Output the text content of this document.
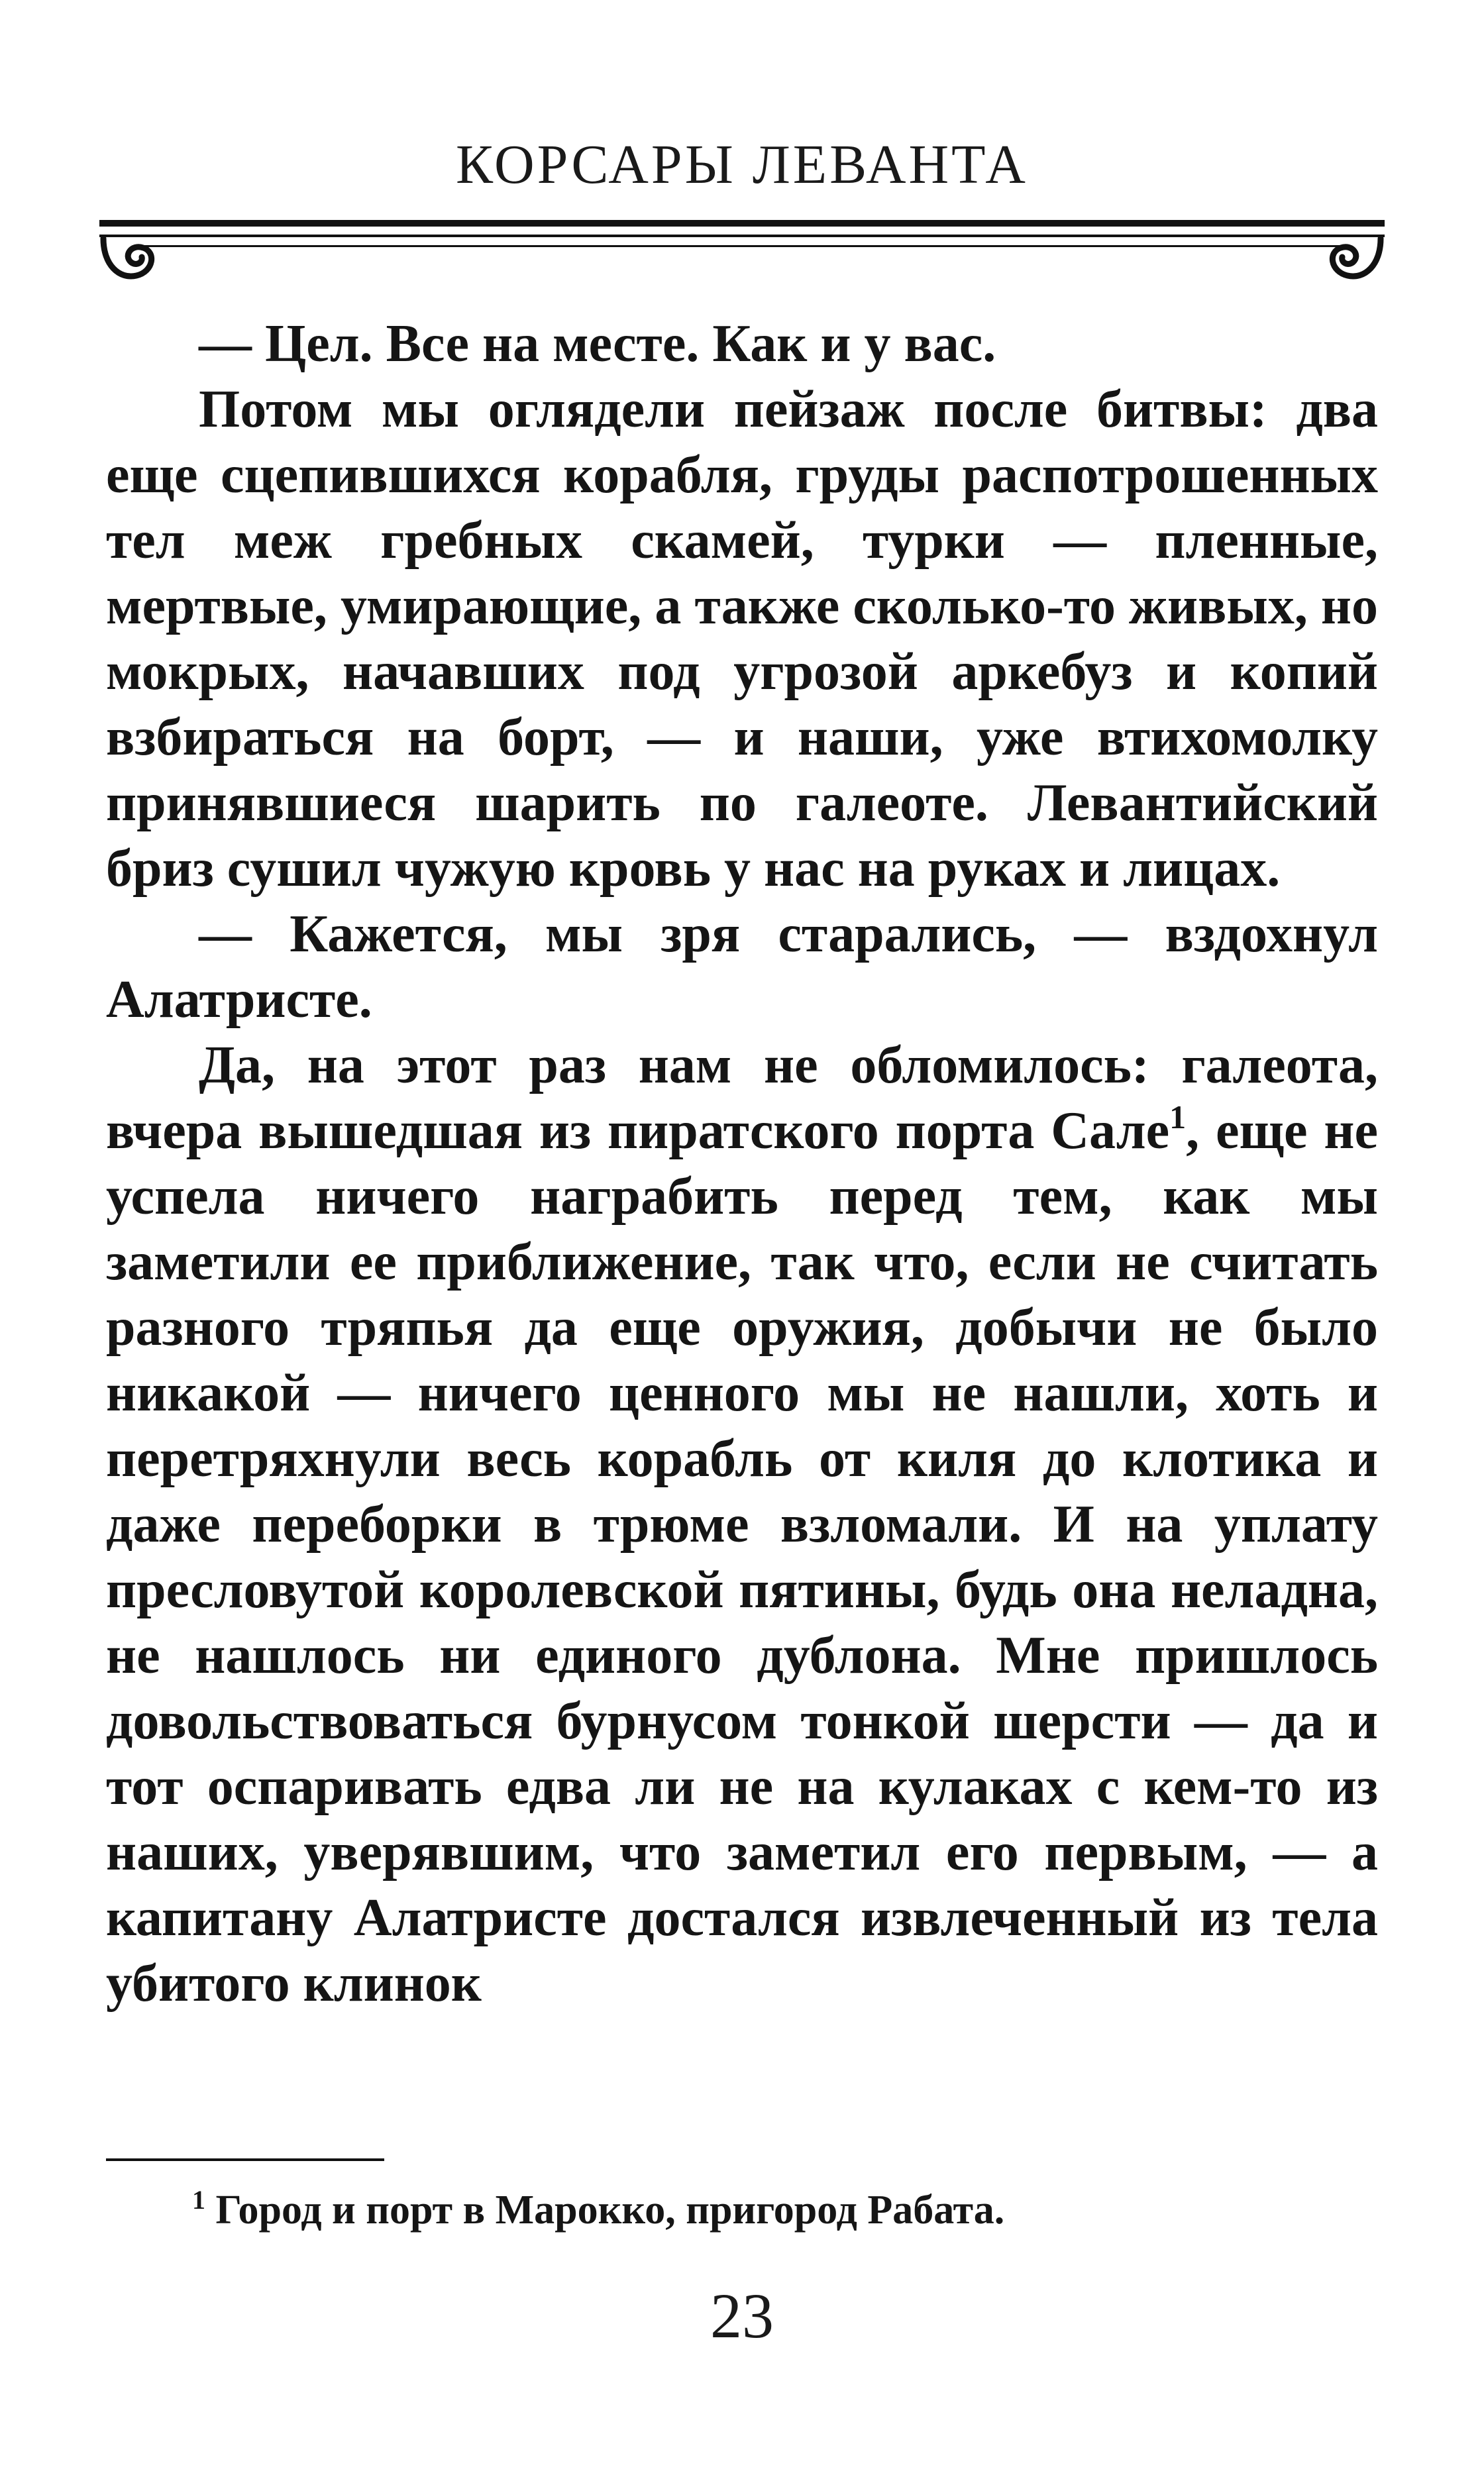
КОРСАРЫ ЛЕВАНТА

— Цел. Все на месте. Как и у вас.

Потом мы оглядели пейзаж после битвы: два еще сцепившихся корабля, груды распотрошенных тел меж гребных скамей, турки — пленные, мертвые, умирающие, а также сколько-то живых, но мокрых, начавших под угрозой аркебуз и копий взбираться на борт, — и наши, уже втихомолку принявшиеся шарить по галеоте. Левантийский бриз сушил чужую кровь у нас на руках и лицах.

— Кажется, мы зря старались, — вздохнул Алатристе.

Да, на этот раз нам не обломилось: галеота, вчера вышедшая из пиратского порта Сале$^1$, еще не успела ничего награбить перед тем, как мы заметили ее приближение, так что, если не считать разного тряпья да еще оружия, добычи не было никакой — ничего ценного мы не нашли, хоть и перетряхнули весь корабль от киля до клотика и даже переборки в трюме взломали. И на уплату пресловутой королевской пятины, будь она неладна, не нашлось ни единого дублона. Мне пришлось довольствоваться бурнусом тонкой шерсти — да и тот оспаривать едва ли не на кулаках с кем-то из наших, уверявшим, что заметил его первым, — а капитану Алатристе достался извлеченный из тела убитого клинок

$^1$ Город и порт в Марокко, пригород Рабата.
23
